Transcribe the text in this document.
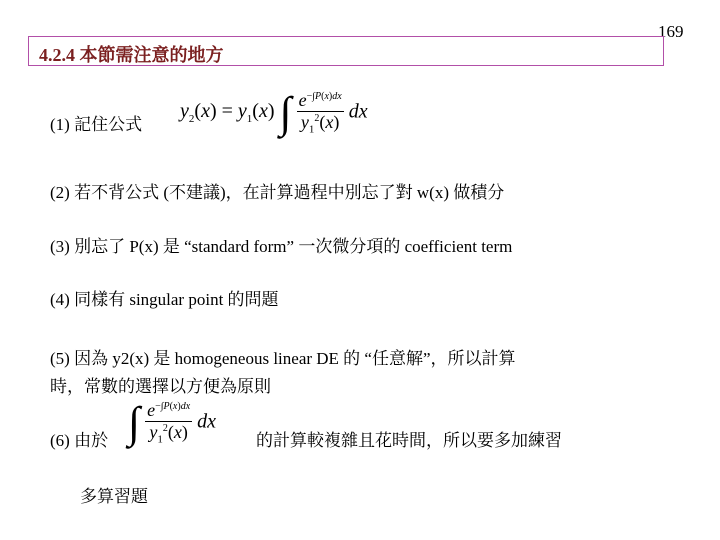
169
4.2.4 本節需注意的地方
(1) 記住公式
$y_2(x) = y_1(x)$ ∫ $\frac{e^{-\int P(x)dx}}{y_1^2(x)}$ dx
(2) 若不背公式 (不建議)，在計算過程中別忘了對 w(x) 做積分
(3) 別忘了 P(x) 是 “standard form” 一次微分項的 coefficient term
(4) 同樣有 singular point 的問題
(5) 因為 y2(x) 是 homogeneous linear DE 的 “任意解”，所以計算
時，常數的選擇以方便為原則
(6) 由於 ∫ $\frac{e^{-\int P(x)dx}}{y_1^2(x)}$ dx
的計算較複雜且花時間，所以要多加練習
多算習題
